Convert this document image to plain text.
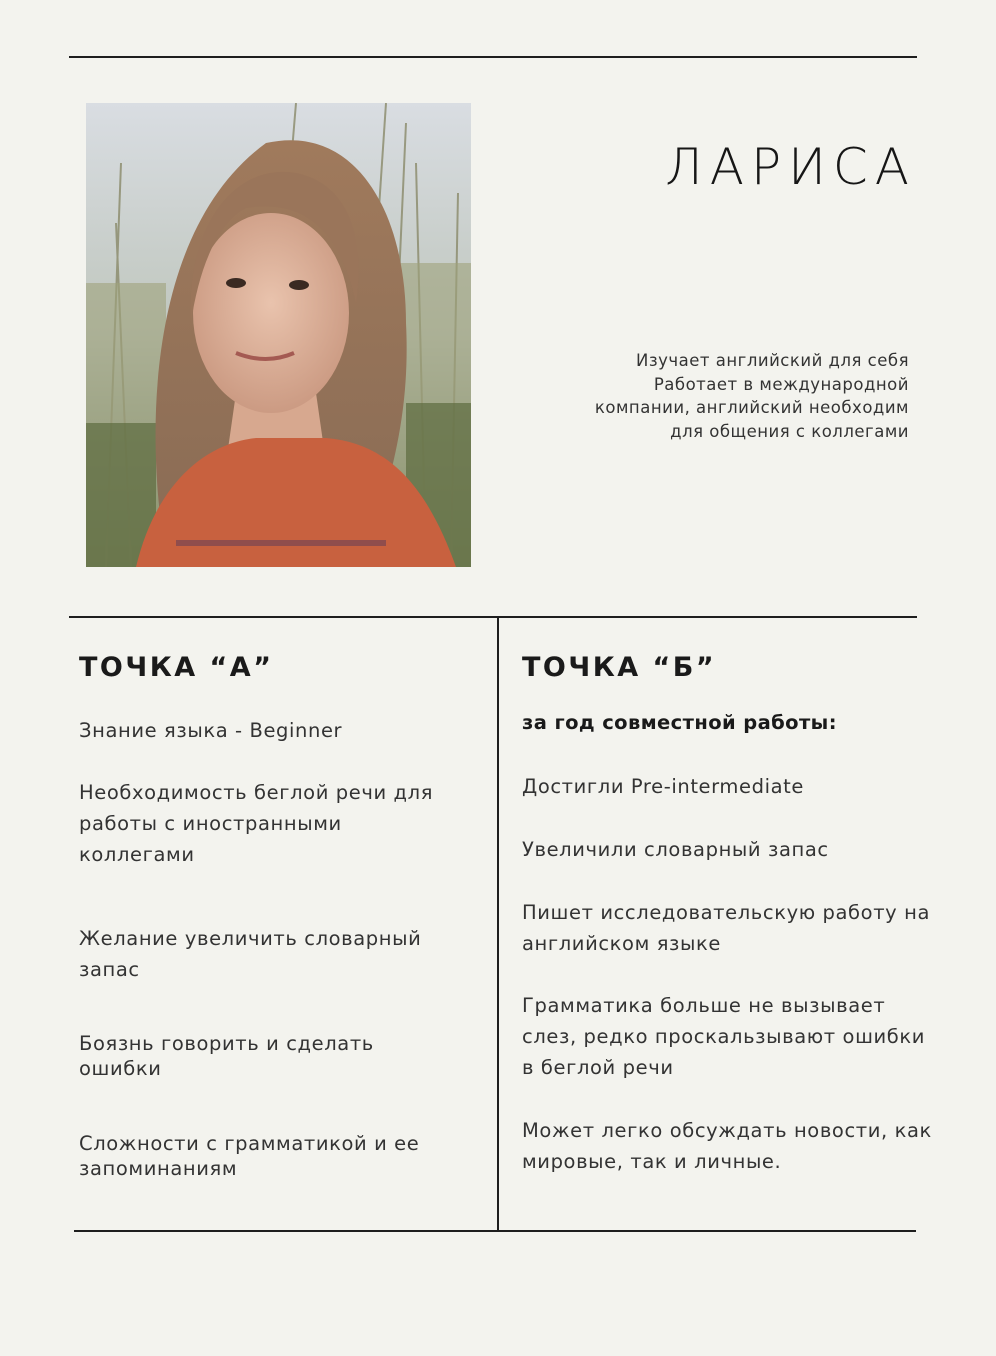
ЛАРИСА
Изучает английский для себя
Работает в международной
компании, английский необходим
для общения с коллегами
ТОЧКА “А”
Знание языка - Beginner
Необходимость беглой речи для
работы с иностранными
коллегами
Желание увеличить словарный
запас
Боязнь говорить и сделать
ошибки
Сложности с грамматикой и ее
запоминаниям
ТОЧКА “Б”
за год совместной работы:
Достигли Pre-intermediate
Увеличили словарный запас
Пишет исследовательскую работу на
английском языке
Грамматика больше не вызывает
слез, редко проскальзывают ошибки
в беглой речи
Может легко обсуждать новости, как
мировые, так и личные.
